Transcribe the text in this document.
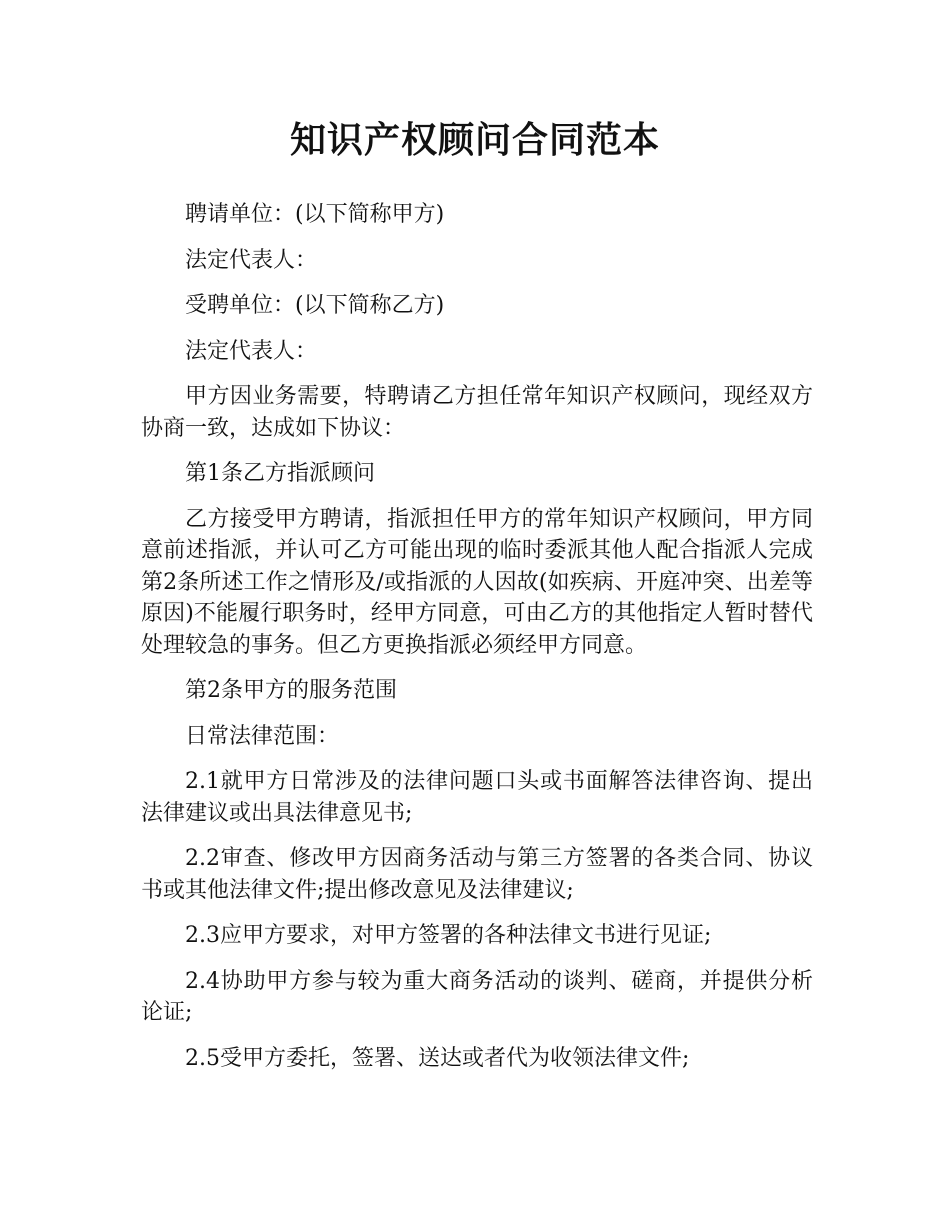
知识产权顾问合同范本

聘请单位：(以下简称甲方)

法定代表人：

受聘单位：(以下简称乙方)

法定代表人：

甲方因业务需要，特聘请乙方担任常年知识产权顾问，现经双方协商一致，达成如下协议：

第1条乙方指派顾问

乙方接受甲方聘请，指派担任甲方的常年知识产权顾问，甲方同意前述指派，并认可乙方可能出现的临时委派其他人配合指派人完成第2条所述工作之情形及/或指派的人因故(如疾病、开庭冲突、出差等原因)不能履行职务时，经甲方同意，可由乙方的其他指定人暂时替代处理较急的事务。但乙方更换指派必须经甲方同意。

第2条甲方的服务范围

日常法律范围：

2.1就甲方日常涉及的法律问题口头或书面解答法律咨询、提出法律建议或出具法律意见书;

2.2审查、修改甲方因商务活动与第三方签署的各类合同、协议书或其他法律文件;提出修改意见及法律建议;

2.3应甲方要求，对甲方签署的各种法律文书进行见证;

2.4协助甲方参与较为重大商务活动的谈判、磋商，并提供分析论证;

2.5受甲方委托，签署、送达或者代为收领法律文件;
